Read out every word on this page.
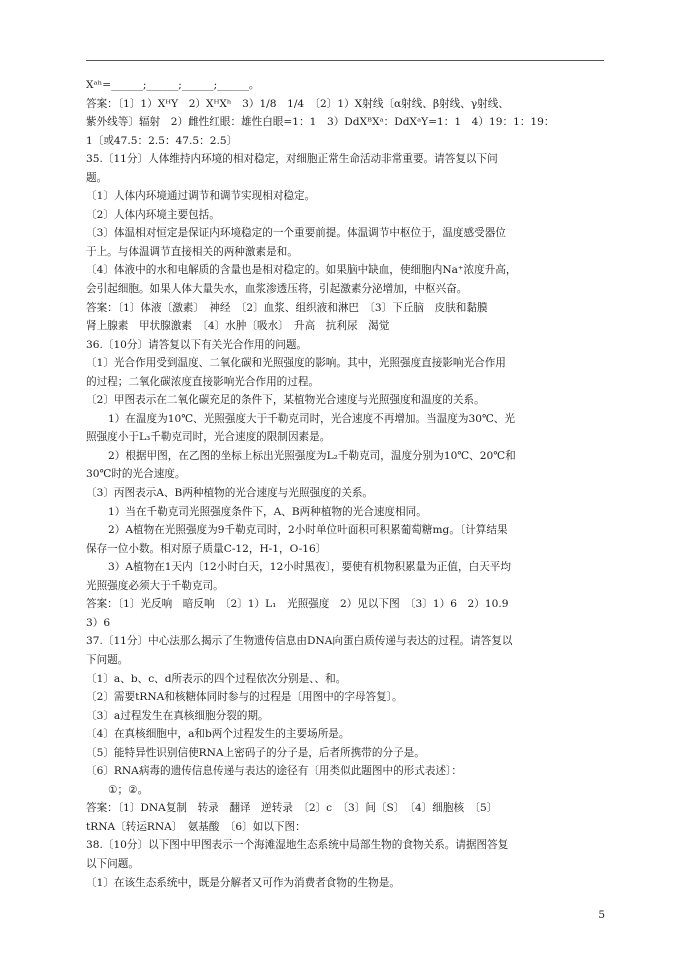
Xᵃʰ=______;______;______;______。

答案：〔1〕1）XᴴY　2）XᴴXʰ　3）1/8　1/4　〔2〕1）X射线〔α射线、β射线、γ射线、

紫外线等〕辐射　2）雌性红眼：雄性白眼=1：1　3）DdXᴮXᵃ：DdXᵃY=1：1　4）19：1：19：

1〔或47.5：2.5：47.5：2.5〕

35.〔11分〕人体维持内环境的相对稳定，对细胞正常生命活动非常重要。请答复以下问

题。

〔1〕人体内环境通过调节和调节实现相对稳定。

〔2〕人体内环境主要包括。

〔3〕体温相对恒定是保证内环境稳定的一个重要前提。体温调节中枢位于，温度感受器位

于上。与体温调节直接相关的两种激素是和。

〔4〕体液中的水和电解质的含量也是相对稳定的。如果脑中缺血，使细胞内Na⁺浓度升高，

会引起细胞。如果人体大量失水，血浆渗透压将，引起激素分泌增加，中枢兴奋。

答案：〔1〕体液〔激素〕　神经　〔2〕血浆、组织液和淋巴　〔3〕下丘脑　皮肤和黏膜

肾上腺素　甲状腺激素　〔4〕水肿〔吸水〕　升高　抗利尿　渴觉

36.〔10分〕请答复以下有关光合作用的问题。

〔1〕光合作用受到温度、二氧化碳和光照强度的影响。其中，光照强度直接影响光合作用

的过程；二氧化碳浓度直接影响光合作用的过程。

〔2〕甲图表示在二氧化碳充足的条件下，某植物光合速度与光照强度和温度的关系。

1）在温度为10℃、光照强度大于千勒克司时，光合速度不再增加。当温度为30℃、光

照强度小于L₃千勒克司时，光合速度的限制因素是。

2）根据甲图，在乙图的坐标上标出光照强度为L₂千勒克司，温度分别为10℃、20℃和

30℃时的光合速度。

〔3〕丙图表示A、B两种植物的光合速度与光照强度的关系。

1）当在千勒克司光照强度条件下，A、B两种植物的光合速度相同。

2）A植物在光照强度为9千勒克司时，2小时单位叶面积可积累葡萄糖mg。〔计算结果

保存一位小数。相对原子质量C-12，H-1，O-16〕

3）A植物在1天内〔12小时白天，12小时黑夜〕，要使有机物积累量为正值，白天平均

光照强度必须大于千勒克司。

答案：〔1〕光反响　暗反响　〔2〕1）L₁　光照强度　2）见以下图　〔3〕1）6　2）10.9

3）6

37.〔11分〕中心法那么揭示了生物遗传信息由DNA向蛋白质传递与表达的过程。请答复以

下问题。

〔1〕a、b、c、d所表示的四个过程依次分别是、、和。

〔2〕需要tRNA和核糖体同时参与的过程是〔用图中的字母答复〕。

〔3〕a过程发生在真核细胞分裂的期。

〔4〕在真核细胞中，a和b两个过程发生的主要场所是。

〔5〕能特异性识别信使RNA上密码子的分子是，后者所携带的分子是。

〔6〕RNA病毒的遗传信息传递与表达的途径有〔用类似此题图中的形式表述〕：

①；②。

答案：〔1〕DNA复制　转录　翻译　逆转录　〔2〕c　〔3〕间〔S〕　〔4〕细胞核　〔5〕

tRNA〔转运RNA〕　氨基酸　〔6〕如以下图：

38.〔10分〕以下图中甲图表示一个海滩湿地生态系统中局部生物的食物关系。请据图答复

以下问题。

〔1〕在该生态系统中，既是分解者又可作为消费者食物的生物是。

5
